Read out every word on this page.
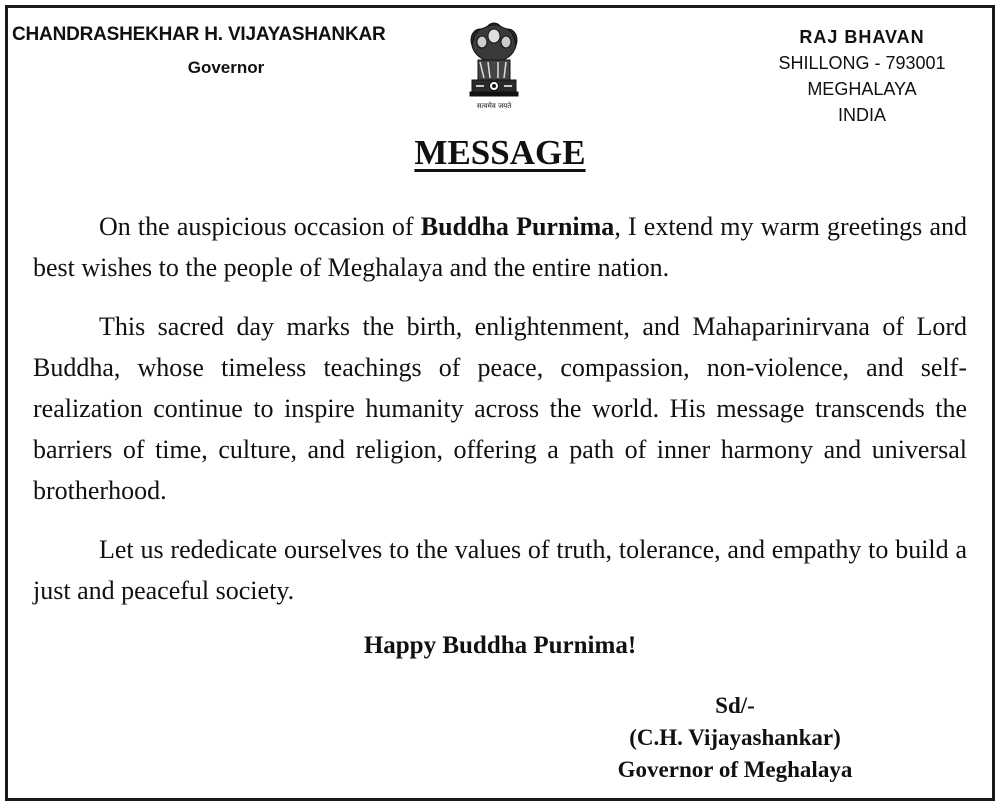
CHANDRASHEKHAR H. VIJAYASHANKAR
Governor
सत्यमेव जयते
RAJ BHAVAN
SHILLONG - 793001
MEGHALAYA
INDIA
MESSAGE

On the auspicious occasion of Buddha Purnima, I extend my warm greetings and best wishes to the people of Meghalaya and the entire nation.

This sacred day marks the birth, enlightenment, and Mahaparinirvana of Lord Buddha, whose timeless teachings of peace, compassion, non-violence, and self-realization continue to inspire humanity across the world. His message transcends the barriers of time, culture, and religion, offering a path of inner harmony and universal brotherhood.

Let us rededicate ourselves to the values of truth, tolerance, and empathy to build a just and peaceful society.

Happy Buddha Purnima!
Sd/-
(C.H. Vijayashankar)
Governor of Meghalaya
